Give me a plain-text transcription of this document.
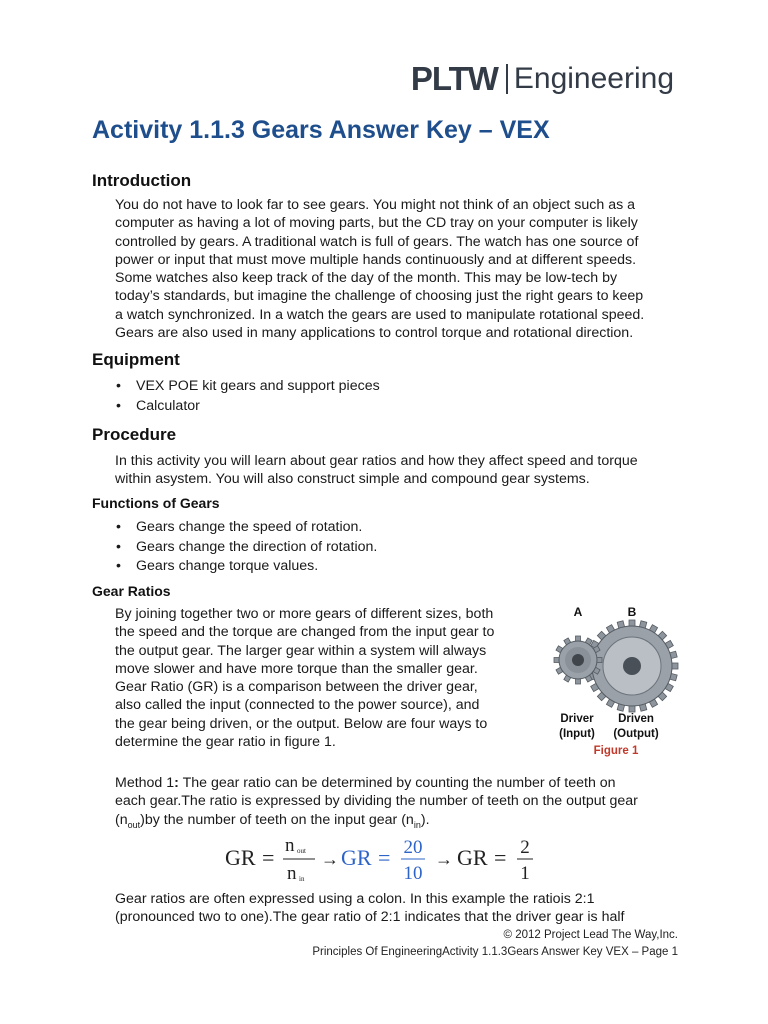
PLTW Engineering
Activity 1.1.3 Gears Answer Key – VEX
Introduction
You do not have to look far to see gears. You might not think of an object such as a
computer as having a lot of moving parts, but the CD tray on your computer is likely
controlled by gears. A traditional watch is full of gears. The watch has one source of
power or input that must move multiple hands continuously and at different speeds.
Some watches also keep track of the day of the month. This may be low-tech by
today’s standards, but imagine the challenge of choosing just the right gears to keep
a watch synchronized. In a watch the gears are used to manipulate rotational speed.
Gears are also used in many applications to control torque and rotational direction.
Equipment
• VEX POE kit gears and support pieces
• Calculator
Procedure
In this activity you will learn about gear ratios and how they affect speed and torque
within asystem. You will also construct simple and compound gear systems.
Functions of Gears
• Gears change the speed of rotation.
• Gears change the direction of rotation.
• Gears change torque values.
Gear Ratios
By joining together two or more gears of different sizes, both
the speed and the torque are changed from the input gear to
the output gear. The larger gear within a system will always
move slower and have more torque than the smaller gear.
Gear Ratio (GR) is a comparison between the driver gear,
also called the input (connected to the power source), and
the gear being driven, or the output. Below are four ways to
determine the gear ratio in figure 1.
A	B
Driver
(Input)
Driven
(Output)
Figure 1
Method 1: The gear ratio can be determined by counting the number of teeth on
each gear.The ratio is expressed by dividing the number of teeth on the output gear
$(n_{out})by$ the number of teeth on the input gear $(n_{in})$.
GR = n out
n in
→ GR = 20
10
→ GR = 2
1
Gear ratios are often expressed using a colon. In this example the ratiois 2:1
(pronounced two to one).The gear ratio of 2:1 indicates that the driver gear is half
© 2012 Project Lead The Way,Inc.
Principles Of EngineeringActivity 1.1.3Gears Answer Key VEX – Page 1
